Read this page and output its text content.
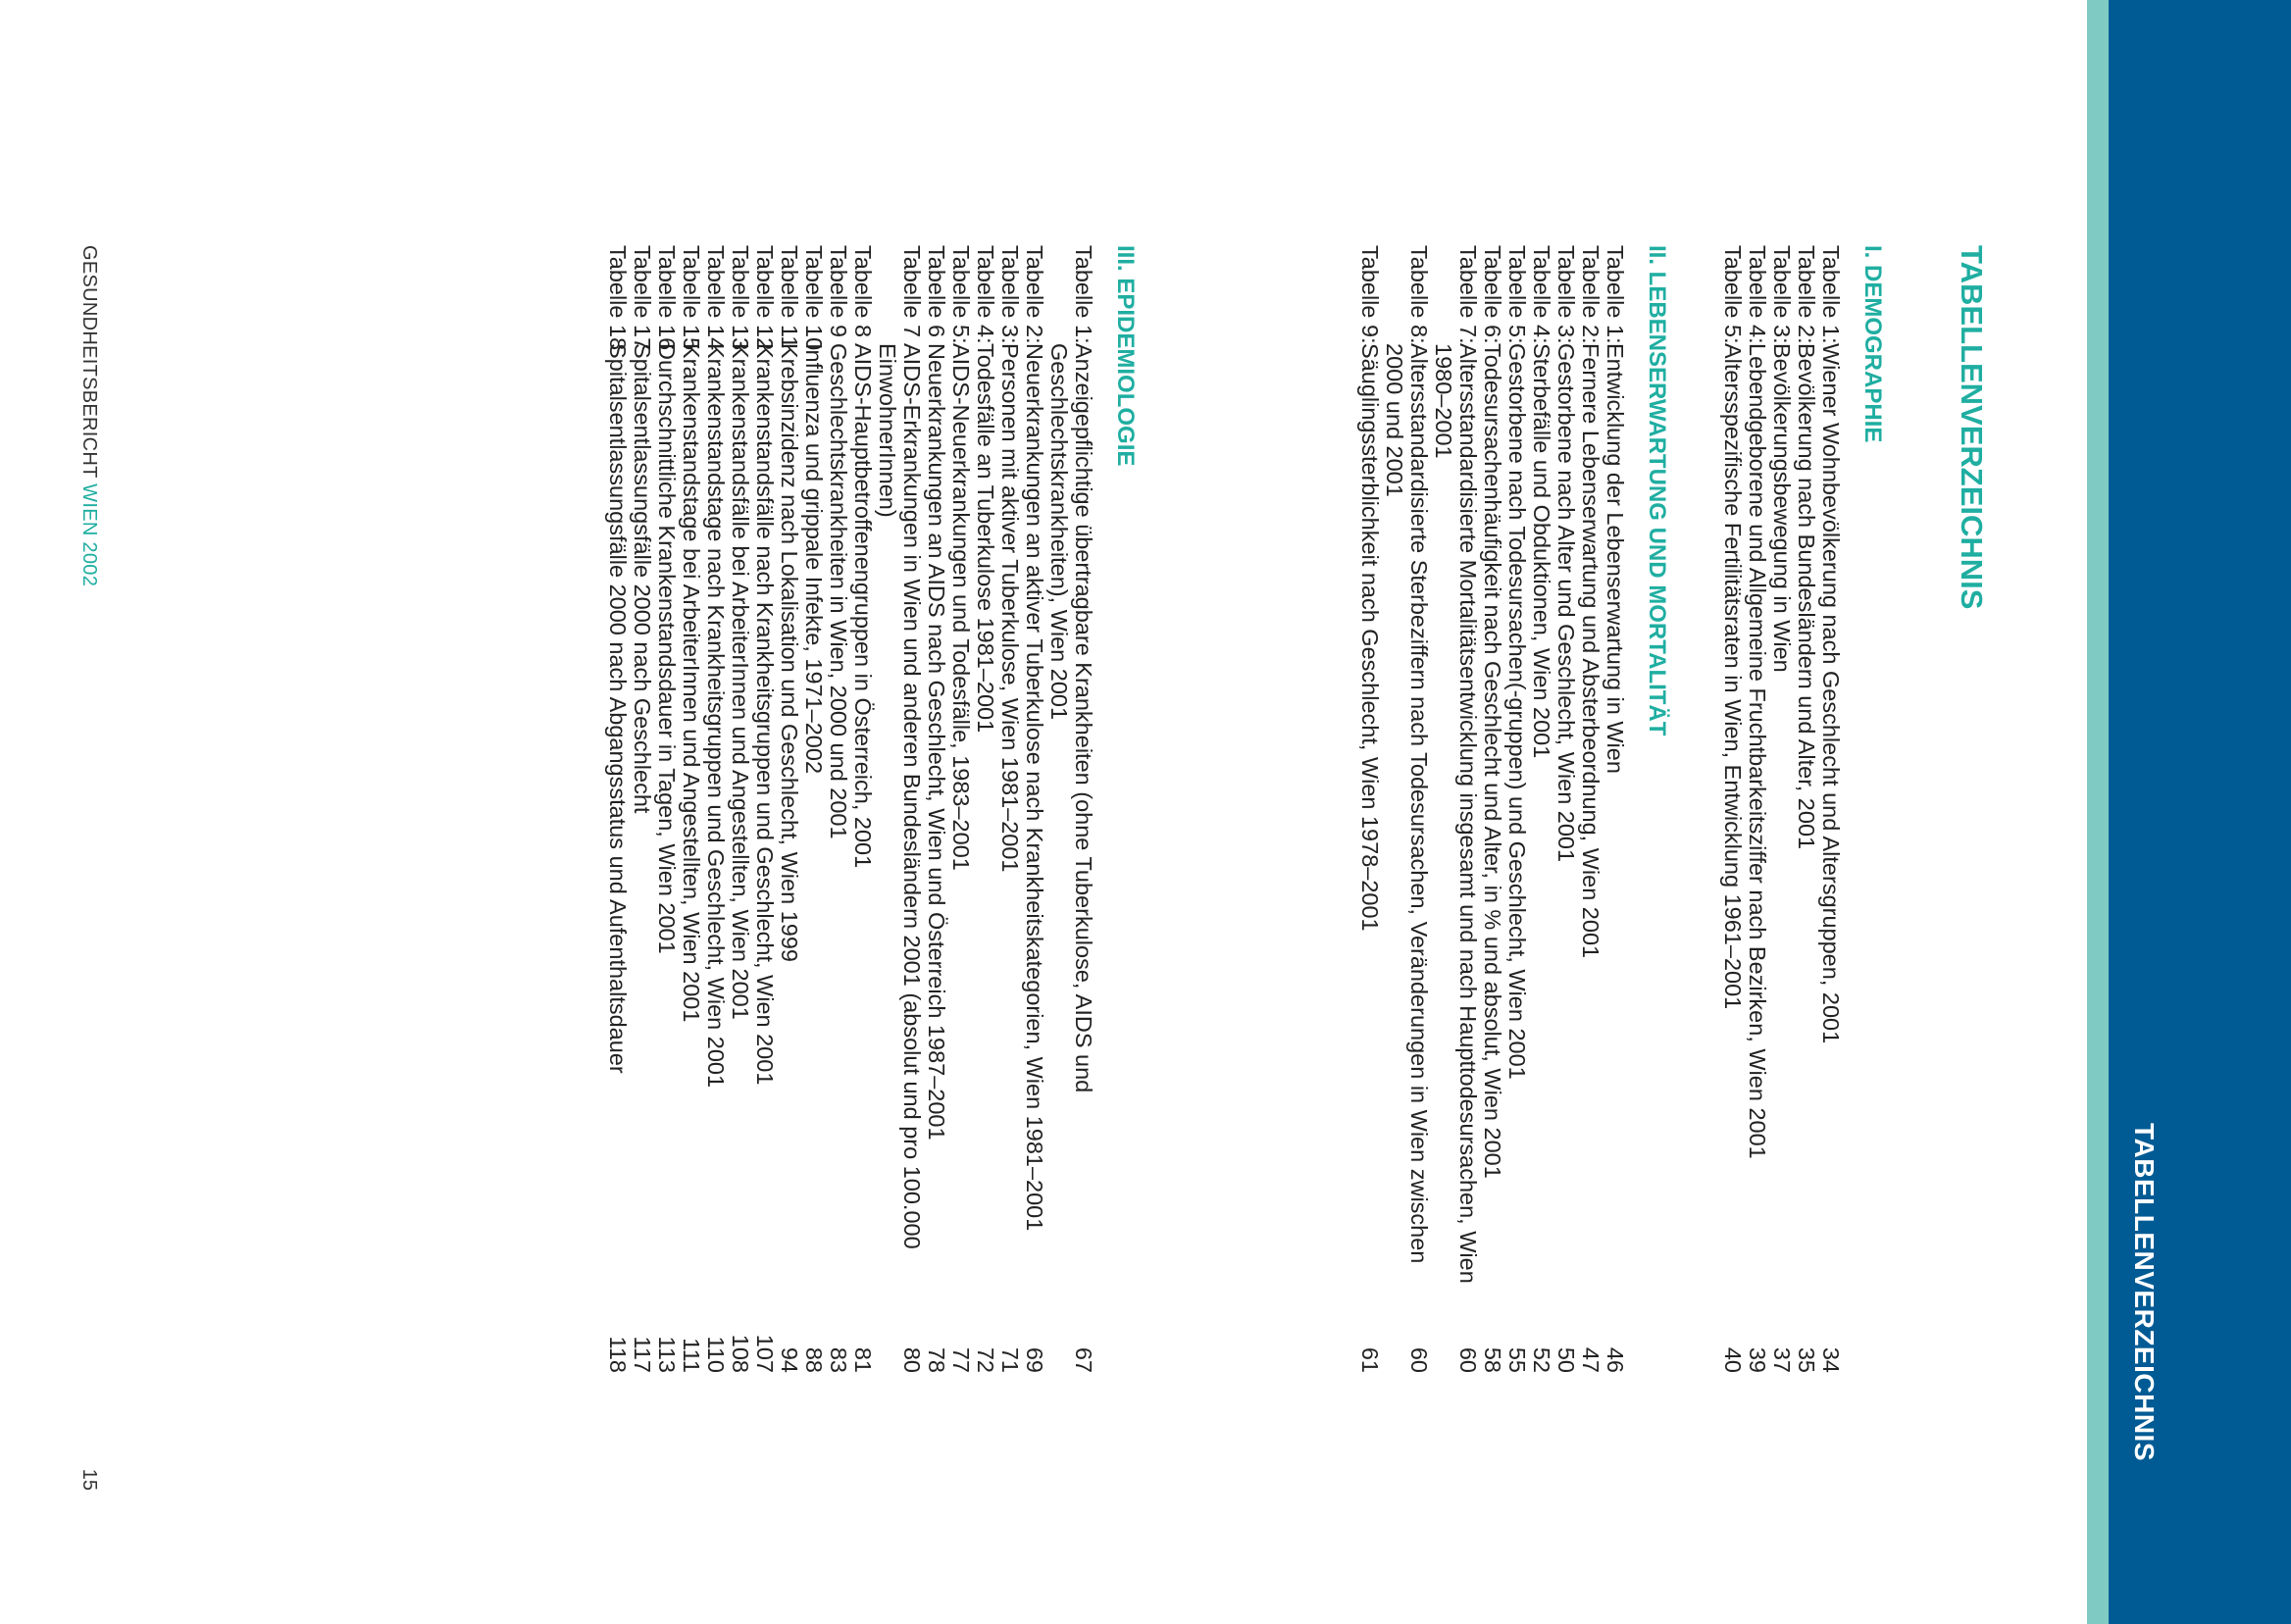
TABELLENVERZEICHNIS
TABELLENVERZEICHNIS
I. DEMOGRAPHIE
Tabelle 1:
Wiener Wohnbevölkerung nach Geschlecht und Altersgruppen, 2001
34
Tabelle 2:
Bevölkerung nach Bundesländern und Alter, 2001
35
Tabelle 3:
Bevölkerungsbewegung in Wien
37
Tabelle 4:
Lebendgeborene und Allgemeine Fruchtbarkeitsziffer nach Bezirken, Wien 2001
39
Tabelle 5:
Altersspezifische Fertilitätsraten in Wien, Entwicklung 1961–2001
40
II. LEBENSERWARTUNG UND MORTALITÄT
Tabelle 1:
Entwicklung der Lebenserwartung in Wien
46
Tabelle 2:
Fernere Lebenserwartung und Absterbeordnung, Wien 2001
47
Tabelle 3:
Gestorbene nach Alter und Geschlecht, Wien 2001
50
Tabelle 4:
Sterbefälle und Obduktionen, Wien 2001
52
Tabelle 5:
Gestorbene nach Todesursachen(-gruppen) und Geschlecht, Wien 2001
55
Tabelle 6:
Todesursachenhäufigkeit nach Geschlecht und Alter, in % und absolut, Wien 2001
58
Tabelle 7:
Altersstandardisierte Mortalitätsentwicklung insgesamt und nach Haupttodesursachen, Wien 1980–2001
60
Tabelle 8:
Altersstandardisierte Sterbeziffern nach Todesursachen, Veränderungen in Wien zwischen 2000 und 2001
60
Tabelle 9:
Säuglingssterblichkeit nach Geschlecht, Wien 1978–2001
61
III. EPIDEMIOLOGIE
Tabelle 1:
Anzeigepflichtige übertragbare Krankheiten (ohne Tuberkulose, AIDS und Geschlechtskrankheiten), Wien 2001
67
Tabelle 2:
Neuerkrankungen an aktiver Tuberkulose nach Krankheitskategorien, Wien 1981–2001
69
Tabelle 3:
Personen mit aktiver Tuberkulose, Wien 1981–2001
71
Tabelle 4:
Todesfälle an Tuberkulose 1981–2001
72
Tabelle 5:
AIDS-Neuerkrankungen und Todesfälle, 1983–2001
77
Tabelle 6
Neuerkrankungen an AIDS nach Geschlecht, Wien und Österreich 1987–2001
78
Tabelle 7
AIDS-Erkrankungen in Wien und anderen Bundesländern 2001 (absolut und pro 100.000 EinwohnerInnen)
80
Tabelle 8
AIDS-Hauptbetroffenengruppen in Österreich, 2001
81
Tabelle 9
Geschlechtskrankheiten in Wien, 2000 und 2001
83
Tabelle 10
Influenza und grippale Infekte, 1971–2002
88
Tabelle 11
Krebsinzidenz nach Lokalisation und Geschlecht, Wien 1999
94
Tabelle 12
Krankenstandsfälle nach Krankheitsgruppen und Geschlecht, Wien 2001
107
Tabelle 13
Krankenstandsfälle bei ArbeiterInnen und Angestellten, Wien 2001
108
Tabelle 14
Krankenstandstage nach Krankheitsgruppen und Geschlecht, Wien 2001
110
Tabelle 15
Krankenstandstage bei ArbeiterInnen und Angestellten, Wien 2001
111
Tabelle 16
Durchschnittliche Krankenstandsdauer in Tagen, Wien 2001
113
Tabelle 17
Spitalsentlassungsfälle 2000 nach Geschlecht
117
Tabelle 18
Spitalsentlassungsfälle 2000 nach Abgangsstatus und Aufenthaltsdauer
118
GESUNDHEITSBERICHT WIEN 2002
15
